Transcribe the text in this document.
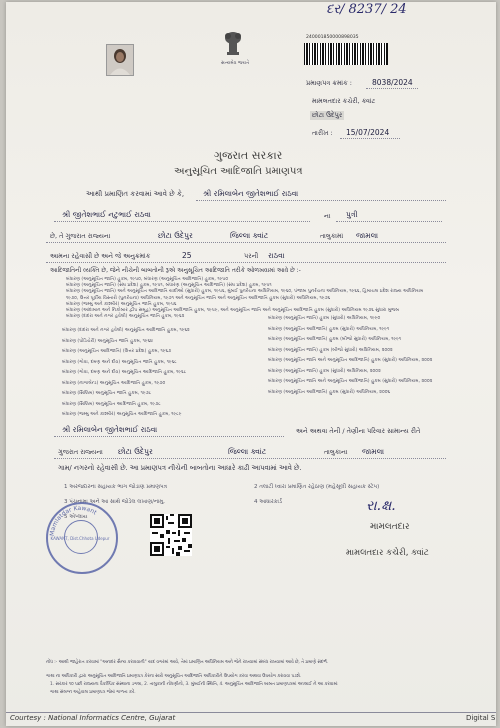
દર/ 8237/ 24
સત્યમેવ જયતે
240001850000898035
પ્રમાણપત્ર ક્રમાંક :	8038/2024
મામલતદાર કચેરી, ક્વાંટ
છોટા ઉદેપુર
તારીખ : 15/07/2024
ગુજરાત સરકાર
અનુસૂચિત આદિજાતિ પ્રમાણપત્ર
આથી પ્રમાણિત કરવામાં આવે છે કે,	શ્રી રમિલાબેન જીતેશભાઈ રાઠવા
શ્રી જીતેશભાઈ નટુભાઈ રાઠવા	ના પુત્રી
છે, તે ગુજરાત રાજ્યના	છોટા ઉદેપુર	જિલ્લા ક્વાંટ	તાલુકામાં જામલા
આમના રહેવાસી છે અને જે અનુક્રમાંક	25	પરની રાઠવા
આદિજાતિની વ્યક્તિ છે, જેને નીચેની બાબતોની રૂએ અનુસૂચિત આદિજાતિ તરીકે ઓળખવામાં આવે છે :-
બંધારણ (અનુસૂચિત જાતિ) હુકમ, ૧૯૫૦, બંધારણ (અનુસૂચિત આદિજાતિ) હુકમ, ૧૯૫૦
બંધારણ (અનુસૂચિત જાતિ) (સંઘ પ્રદેશ) હુકમ, ૧૯૫૧, બંધારણ (અનુસૂચિત આદિજાતિ) (સંઘ પ્રદેશ) હુકમ, ૧૯૫૧
બંધારણ (અનુસૂચિત જાતિ) અને અનુસૂચિત આદિજાતિ યાદીઓ (સુધારો) હુકમ, ૧૯૫૬, મુંબઈ પુનર્રચના અધિનિયમ, ૧૯૬૦, પંજાબ પુનર્રચના અધિનિયમ, ૧૯૬૬, હિમાચલ પ્રદેશ રાજ્ય અધિનિયમ
૧૯૭૦, ઉત્તર પૂર્વીય વિસ્તારો (પુનર્રચના) અધિનિયમ, ૧૯૭૧ અને અનુસૂચિત જાતિ અને અનુસૂચિત આદિજાતિ હુકમ (સુધારો) અધિનિયમ, ૧૯૭૬
બંધારણ (જમ્મુ અને કાશ્મીર) અનુસૂચિત જાતિ હુકમ, ૧૯૫૬
બંધારણ (આંદામાન અને નિકોબાર દ્વીપ સમૂહ) અનુસૂચિત આદિજાતિ હુકમ, ૧૯૫૯, અને અનુસૂચિત જાતિ અને અનુસૂચિત આદિજાતિ હુકમ (સુધારો) અધિનિયમ ૧૯૭૬ સુધારા મુજબ
બંધારણ (દાદરા અને નગર હવેલી) અનુસૂચિત જાતિ હુકમ, ૧૯૬૨
બંધારણ (દાદરા અને નગર હવેલી) અનુસૂચિત આદિજાતિ હુકમ, ૧૯૬૨
બંધારણ (પોંડિચેરી) અનુસૂચિત જાતિ હુકમ, ૧૯૬૪
બંધારણ (અનુસૂચિત આદિજાતિ) (ઉત્તર પ્રદેશ) હુકમ, ૧૯૬૭
બંધારણ (ગોવા, દમણ અને દીવ) અનુસૂચિત જાતિ હુકમ, ૧૯૬૮
બંધારણ (ગોવા, દમણ અને દીવ) અનુસૂચિત આદિજાતિ હુકમ, ૧૯૬૮
બંધારણ (નાગાલેન્ડ) અનુસૂચિત આદિજાતિ હુકમ, ૧૯૭૦
બંધારણ (સિક્કિમ) અનુસૂચિત જાતિ હુકમ, ૧૯૭૮
બંધારણ (સિક્કિમ) અનુસૂચિત આદિજાતિ હુકમ, ૧૯૭૮
બંધારણ (જમ્મુ અને કાશ્મીર) અનુસૂચિત આદિજાતિ હુકમ, ૧૯૮૯
બંધારણ (અનુસૂચિત જાતિ) હુકમ (સુધારો) અધિનિયમ, ૧૯૯૦
બંધારણ (અનુસૂચિત આદિજાતિ) હુકમ (સુધારો) અધિનિયમ, ૧૯૯૧
બંધારણ (અનુસૂચિત આદિજાતિ) હુકમ (બીજો સુધારો) અધિનિયમ, ૧૯૯૧
બંધારણ (અનુસૂચિત જાતિ) હુકમ (બીજો સુધારો) અધિનિયમ, ૨૦૦૨
બંધારણ (અનુસૂચિત જાતિ અને અનુસૂચિત આદિજાતિ) હુકમ (સુધારો) અધિનિયમ, ૨૦૦૨
બંધારણ (અનુસૂચિત જાતિ) હુકમ (સુધારો) અધિનિયમ, ૨૦૦૨
બંધારણ (અનુસૂચિત જાતિ અને અનુસૂચિત આદિજાતિ) હુકમ (સુધારો) અધિનિયમ, ૨૦૦૨
બંધારણ (અનુસૂચિત આદિજાતિ) હુકમ (સુધારો) અધિનિયમ, ૨૦૦૬
શ્રી રમિલાબેન જીતેશભાઈ રાઠવા	અને અથવા તેની / તેણીના પરિવાર સામાન્ય રીતે
ગુજરાત રાજ્યના છોટા ઉદેપુર	જિલ્લા ક્વાંટ	તાલુકાના જામલા
ગામ/ નગરનો રહેવાસી છે. આ પ્રમાણપત્ર નીચેની બાબતોના આધારે કાઢી આપવામાં આવે છે.
1 અરજદારના સહાયક ભાગ જોડાણ પ્રમાણપત્ર	2 તલાટી ધ્વારા પ્રમાણિત રહેઠાણ (મહેસૂલી સહાયક સ્ટેપ)
3 પંચનામા અને આ સાથે જોડેલ લખાણ/નામુ.	4 આધારકાર્ડ
5 એપ્લાય
Mamlatdar Kawant
KAWANT, Dist.Chhota Udepur
રા.ક્ષ.
મામલતદાર
મામલતદાર કચેરી, ક્વાંટ
નોંધ :- આથી જાહેરાત કરવામાં "અનાદર સૈન્ય કરાવવાની" યાદ વગરમાં આવે, તેમાં પ્રમાણિત અધિનિયમ અને જેને રાખવામાં સંબંધ રાખવામાં આવે છે, તે પ્રમાણે સંદર્ભ.
ગાથા ના અધિકારી દ્વારા અનુસૂચિત આદિજાતિ પ્રમાણપત્ર કેરના સારો અનુસૂચિત આદિજાતિ અધિકારીને ઉપયોગ કરવા અથવા ઉપયોગ કરાવવા પડશે.
1. સરકાર ૧૦ પછી રાજ્યના વૈકલ્પિક સંસ્થાના ડગલા, 2. તાલુકાની નોંધણીનો, 3. મુંબઈની સ્થિતિ, 4. અનુસૂચિત આદિજાતિ બાબત પ્રમાણપત્રમાં અપ્લાઈ ને આ કરવામાં
ગાથા સંલગ્ન અહેવાલ પ્રમાણપત્ર જેમાં ગાળતા કરે.
Courtesy : National Informatics Centre, Gujarat	Digital S
